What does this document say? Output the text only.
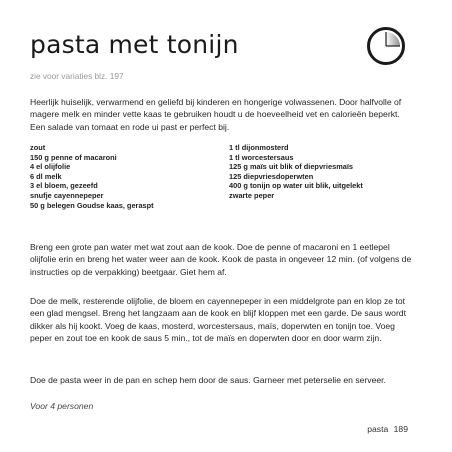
pasta met tonijn

zie voor variaties blz. 197

Heerlijk huiselijk, verwarmend en geliefd bij kinderen en hongerige volwassenen. Door halfvolle of magere melk en minder vette kaas te gebruiken houdt u de hoeveelheid vet en calorieën beperkt. Een salade van tomaat en rode ui past er perfect bij.

zout
150 g penne of macaroni
4 el olijfolie
6 dl melk
3 el bloem, gezeefd
snufje cayennepeper
50 g belegen Goudse kaas, geraspt
1 tl dijonmosterd
1 tl worcestersaus
125 g maïs uit blik of diepvriesmaïs
125 diepvriesdoperwten
400 g tonijn op water uit blik, uitgelekt
zwarte peper

Breng een grote pan water met wat zout aan de kook. Doe de penne of macaroni en 1 eetlepel olijfolie erin en breng het water weer aan de kook. Kook de pasta in ongeveer 12 min. (of volgens de instructies op de verpakking) beetgaar. Giet hem af.

Doe de melk, resterende olijfolie, de bloem en cayennepeper in een middelgrote pan en klop ze tot een glad mengsel. Breng het langzaam aan de kook en blijf kloppen met een garde. De saus wordt dikker als hij kookt. Voeg de kaas, mosterd, worcestersaus, maïs, doperwten en tonijn toe. Voeg peper en zout toe en kook de saus 5 min., tot de maïs en doperwten door en door warm zijn.

Doe de pasta weer in de pan en schep hem door de saus. Garneer met peterselie en serveer.

Voor 4 personen

pasta 189
